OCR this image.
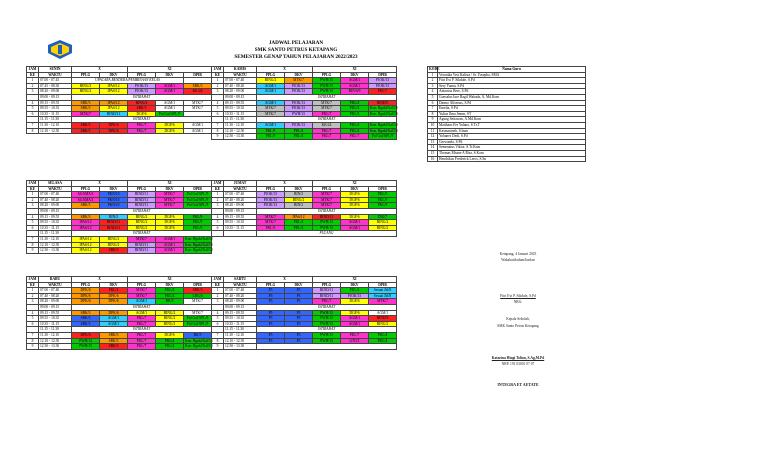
JADWAL PELAJARAN
SMK SANTO PETRUS KETAPANG
SEMESTER GENAP TAHUN PELAJARAN 2022/2023
JAM	SENIN	X		XI		
KE	WAKTU	PPLG	DKV	PPLG	DKV	DPIB
1	07.00 - 07.45	UPACARA BENDERA/PEMBINAAN KELAS				
2	07.45 - 08.30	BING/2	IPAS/12	PJOK/13	AGM/1	SBK/3
3	08.20 - 09.00	BING/2	IPAS/12	PJOK/13	AGM/1	KK/24
	09.00 - 09.15	ISTIRAHAT				
4	09.15 - 09.55	SBK/3	IPAS/12	BING/2	AGM/1	MTK/7
5	09.55 - 10.35	SBK/3	IPAS/12	SBK/3	AGM/1	MTK/7
6	10.35 - 11.15	MTK/7	BIND/11	DGP/6	Pnl Gal/APL/9	
	11.15 - 11.30	ISTIRAHAT				
7	11.30 - 12.10	SBK/3	DPK/6	PKL/7	DGP/6	AGM/1
8	12.10 - 12.50	SBK/3	DPK/6	PKL/7	DGP/6	AGM/1
JAM	KAMIS	X		XI		
KE	WAKTU	PPLG	DKV	PPLG	DKV	DPIB
1	07.00 - 07.40	BING/2	MTK/7	PWH/13	AGM/1	PJOK/13
2	07.40 - 08.20	AGM/1	PJOK/13	PWH/13	AGM/1	PJOK/13
3	08.20 - 09.00	AGM/1	PJOK/13	PWH/13	BIN/6/9	PKL/7
	09.00 - 09.15	ISTIRAHAT				
4	09.15 - 09.55	AGM/1	PJOK/13	MTK/7	PKL/4	BIND/9
5	09.55 - 10.35	MTK/7	PJOK/13	MTK/7	PKL/4	Kon. Bgnkl/Gal/10
6	10.35 - 11.15	MTK/7	PWH/13	PKL/7	PKL/4	Kon. Bgnkl/Gal/10
	11.15 - 11.30	ISTIRAHAT				
7	11.30 - 12.10	AGM/1	PJOK/13	KK/24	PKL/4	Kon. Bgnkl/Gal/10
8	12.10 - 12.50	PKL/9	PKL/4	PKL/7	PKL/4	Kon. Bgnkl/Gal/10
9	12.50 - 13.30	PKL/9	PKL/4	PKL/7	PKL/7	Pnl Gal/APL/9
JAM	SELASA	X		XI		
KE	WAKTU	PPLG	DKV	PPLG	DKV	DPIB
1	07.00 - 07.40	AGAMA/1	PKN/10	BIND/11	MTK/7	Pnl Gal/APL/9
2	07.40 - 08.20	AGAMA/1	PKN/10	BIND/11	MTK/7	Pnl Gal/APL/9
3	08.20 - 09.00	SBK/3	PKN/10	BIND/11	MTK/7	Pnl Gal/APL/9
	09.00 - 09.15	ISTIRAHAT				
4	09.15 - 09.55	SBK/3	BIN/2	BING/2	DGP/6	PKL/9
5	09.55 - 10.35	IPAS/12	BIND/11	BING/2	DGP/6	PKL/9
6	10.35 - 11.15	IPAS/12	BIND/11	BING/2	DGP/6	PKL/9
	11.15 - 11.30	ISTIRAHAT				
7	11.30 - 12.10	IPAS/12	BING/2	MTK/7	AGM/1	Kon. Bgnkl/Gal/10
8	12.10 - 12.50	IPAS/12	BING/2	BIND/11	AGM/1	Kon. Bgnkl/Gal/10
9	12.50 - 13.30	IPAS/12	SBK/3	BIND/11	AGM/1	Kon. Bgnkl/Gal/10
JAM	JUMAT	X		XI		
KE	WAKTU	PPLG	DKV	PPLG	DKV	DPIB
1	07.00 - 07.40	PJOK/13	BIN/2	MTK/7	DGP/6	PKL/9
2	07.40 - 08.20	PJOK/13	BING/2	MTK/7	DGP/6	PKL/9
3	08.20 - 09.00	PJOK/13	BIN/2	MTK/7	DGP/6	PKL/9
	09.00 - 09.15	ISTIRAHAT				
4	09.15 - 09.55	MTK/7	IPAS/12	BIND/11	DGP/6	DIG/7
5	09.55 - 10.35	MTK/7	PKL/4	PWH/13	AGM/1	BING/2
6	10.35 - 11.15	PKL/9	PKL/4	PWH/13	AGM/1	BING/2
		PULANG				
JAM	RABU	X		XI		
KE	WAKTU	PPLG	DKV	PPLG	DKV	DPIB
1	07.00 - 07.40	DPK/6	PKL/4	MTK/7	PKL/4	SBK/3
2	07.40 - 08.20	DPK/6	DPK/6	MTK/7	PKL/4	LBG/4
3	08.20 - 09.00	DPK/6	DPK/6	AGM/1	BK/5	MTK/7
	09.00 - 09.15	ISTIRAHAT				
4	09.15 - 09.55	SBK/3	DPK/6	AGM/1	BING/2	MTK/7
5	09.55 - 10.35	SBK/3	AGM/1	PKL/7	BING/2	Pnl Gal/APL/9
6	10.35 - 11.15	SBK/3	AGM/1	PKL/7	BING/2	Pnl Gal/APL/9
	11.15 - 11.30	ISTIRAHAT				
7	11.30 - 12.10	DPK/6	SBK/3	PKL/7	DGP/6	BK/5
8	12.10 - 12.50	PWH/13	SBK/3	PKL/7	PKL/4	Kon. Bgnkl/Gal/10
9	12.50 - 13.30	PWH/13	SBK/3	PKL/7	PKL/4	Kon. Bgnkl/Gal/10
JAM	SABTU	X		XI		
KE	WAKTU	PPLG	DKV	PPLG	DKV	DPIB
1	07.00 - 07.40	P5	P5	BIND/11	PKL/4	Sesuai Jld/8
2	07.40 - 08.20	P5	P5	BIND/11	PJOK/13	Sesuai Jld/8
3	08.20 - 09.00	P5	P5	PKL/7	DGP/6	MTK/7
	09.00 - 09.15	ISTIRAHAT				
4	09.15 - 09.55	P5	P5	PWH/13	DGP/6	AGM/1
5	09.55 - 10.35	P5	P5	PWH/13	AGM/1	BIND/9
6	10.35 - 11.15	P5	P5	PWH/13	AGM/1	BING/2
	11.15 - 11.30	ISTIRAHAT				
7	11.30 - 12.10	P5	P5	PWH/13	PKL/7	PKL/4
8	12.10 - 12.50	P5	P5	PWH/13	GTO/1	PKL/4
9	12.50 - 13.30					
KODE	Nama Guru
1	Veronika Vesi Kalista / Sr. Yosepha, SMA
2	Fitri Evi P. Sikdale, S.Pd
3	Sesy Yuana, S.Pd
4	Antonius Bere, S.Pd
5	Gonsalus Iure Ragil Wahada, A, Md.Kom
6	Darmo Alfonsus, S.Pd
7	Emelia, S.Pd
8	Yulius Ilma Jemm, ST
9	Agung Setiawan, A.Md.Kom
10	Matthaus Fer Yulano, S.Tr.T
11	Kasmaraneh, S.hum
12	Yohanes Dedi, S.Pd
13	Gerwanda, S.Pd
14	Semenatus Viktor, S.Tr.Kom
15	Thomas Misme A Risa, S.Kom
16	Hendrikus Frederick Leros, S.Sn
Ketapang, 4 Januari 2023
Wakakurikulum/kaskur
Fitri Evi P. Sikdale, S.Pd
NRG:
Kepala Sekolah,
SMK Santo Petrus Ketapang
Katarina Hingi Tolian, S.Ag,M.Pd
NRP. 191 03001 07 07
INTEGRA ET AETATE
